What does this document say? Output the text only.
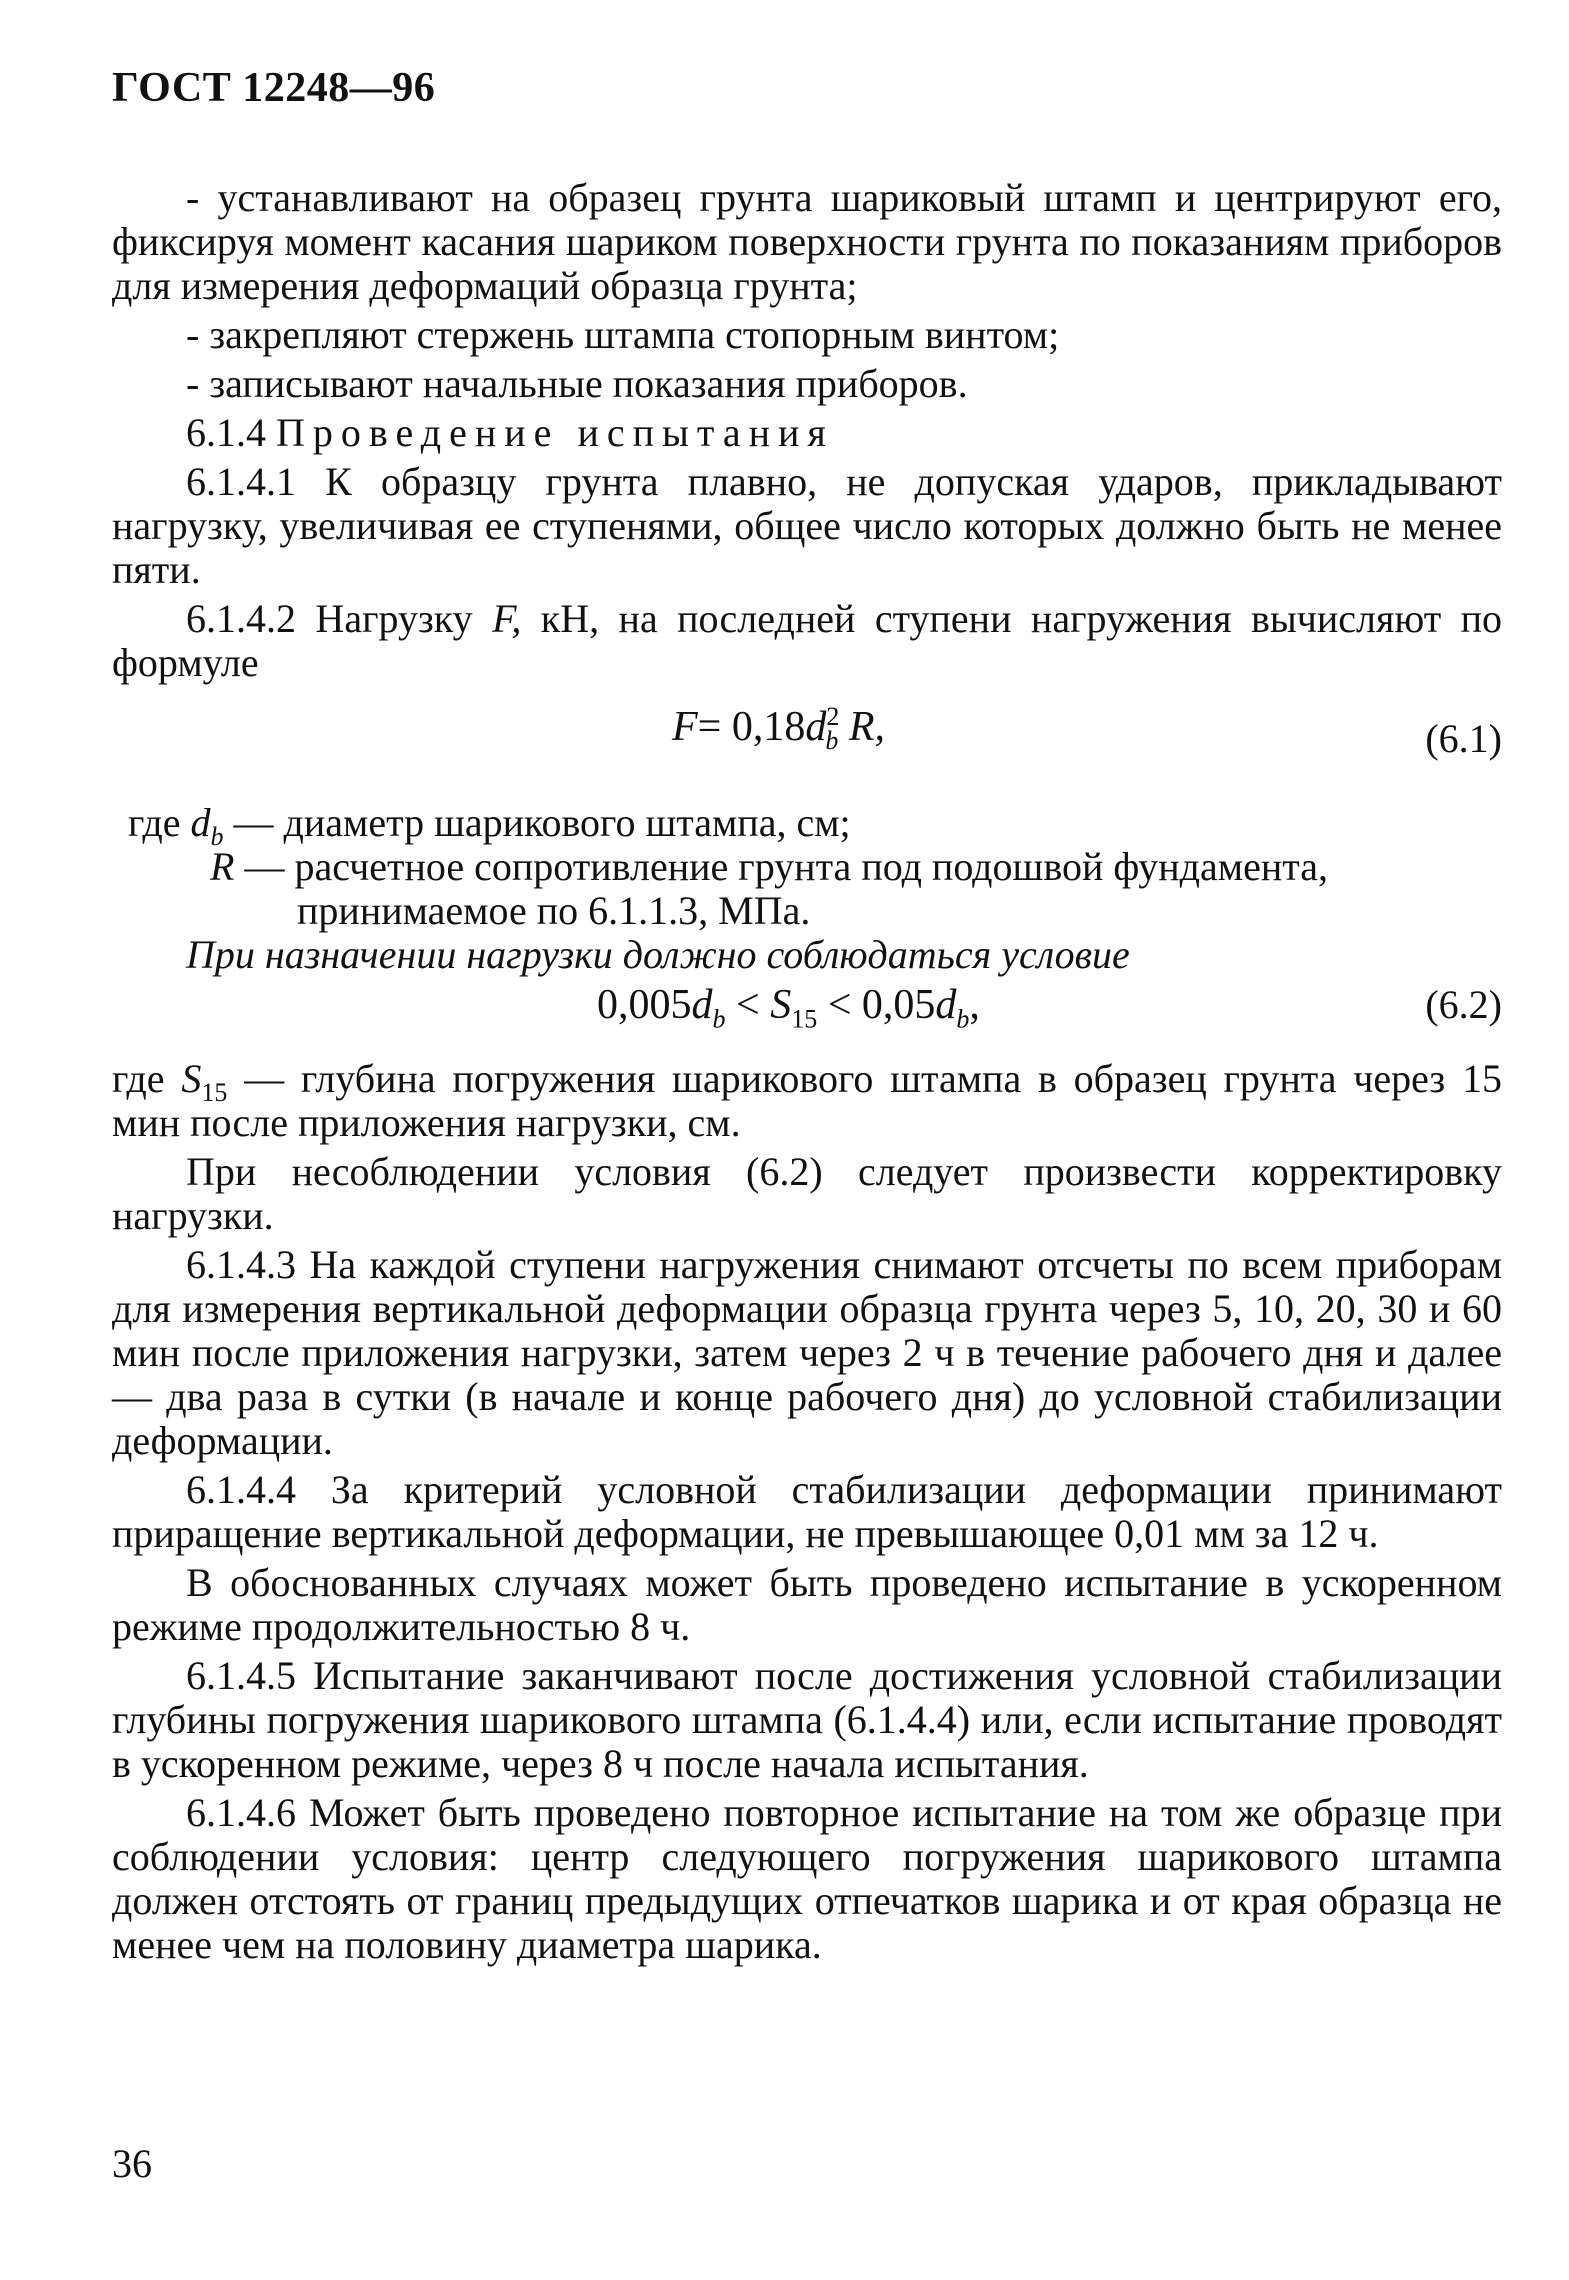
ГОСТ 12248—96

- устанавливают на образец грунта шариковый штамп и центрируют его, фиксируя момент касания шариком поверхности грунта по показаниям приборов для измерения деформаций образца грунта;

- закрепляют стержень штампа стопорным винтом;

- записывают начальные показания приборов.

6.1.4 Проведение испытания

6.1.4.1 К образцу грунта плавно, не допуская ударов, прикладывают нагрузку, увеличивая ее ступенями, общее число которых должно быть не менее пяти.

6.1.4.2 Нагрузку F, кН, на последней ступени нагружения вычисляют по формуле

$F= 0,18d^2_b$ R,	(6.1)
где $d_b$ — диаметр шарикового штампа, см;
R — расчетное сопротивление грунта под подошвой фундамента,
принимаемое по 6.1.1.3, МПа.

При назначении нагрузки должно соблюдаться условие

$0,005d_b < S_{15} < 0,05d_b$,	(6.2)

где $S_{15}$ — глубина погружения шарикового штампа в образец грунта через 15 мин после приложения нагрузки, см.

При несоблюдении условия (6.2) следует произвести корректировку нагрузки.

6.1.4.3 На каждой ступени нагружения снимают отсчеты по всем приборам для измерения вертикальной деформации образца грунта через 5, 10, 20, 30 и 60 мин после приложения нагрузки, затем через 2 ч в течение рабочего дня и далее — два раза в сутки (в начале и конце рабочего дня) до условной стабилизации деформации.

6.1.4.4 За критерий условной стабилизации деформации принимают приращение вертикальной деформации, не превышающее 0,01 мм за 12 ч.

В обоснованных случаях может быть проведено испытание в ускоренном режиме продолжительностью 8 ч.

6.1.4.5 Испытание заканчивают после достижения условной стабилизации глубины погружения шарикового штампа (6.1.4.4) или, если испытание проводят в ускоренном режиме, через 8 ч после начала испытания.

6.1.4.6 Может быть проведено повторное испытание на том же образце при соблюдении условия: центр следующего погружения шарикового штампа должен отстоять от границ предыдущих отпечатков шарика и от края образца не менее чем на половину диаметра шарика.

36
